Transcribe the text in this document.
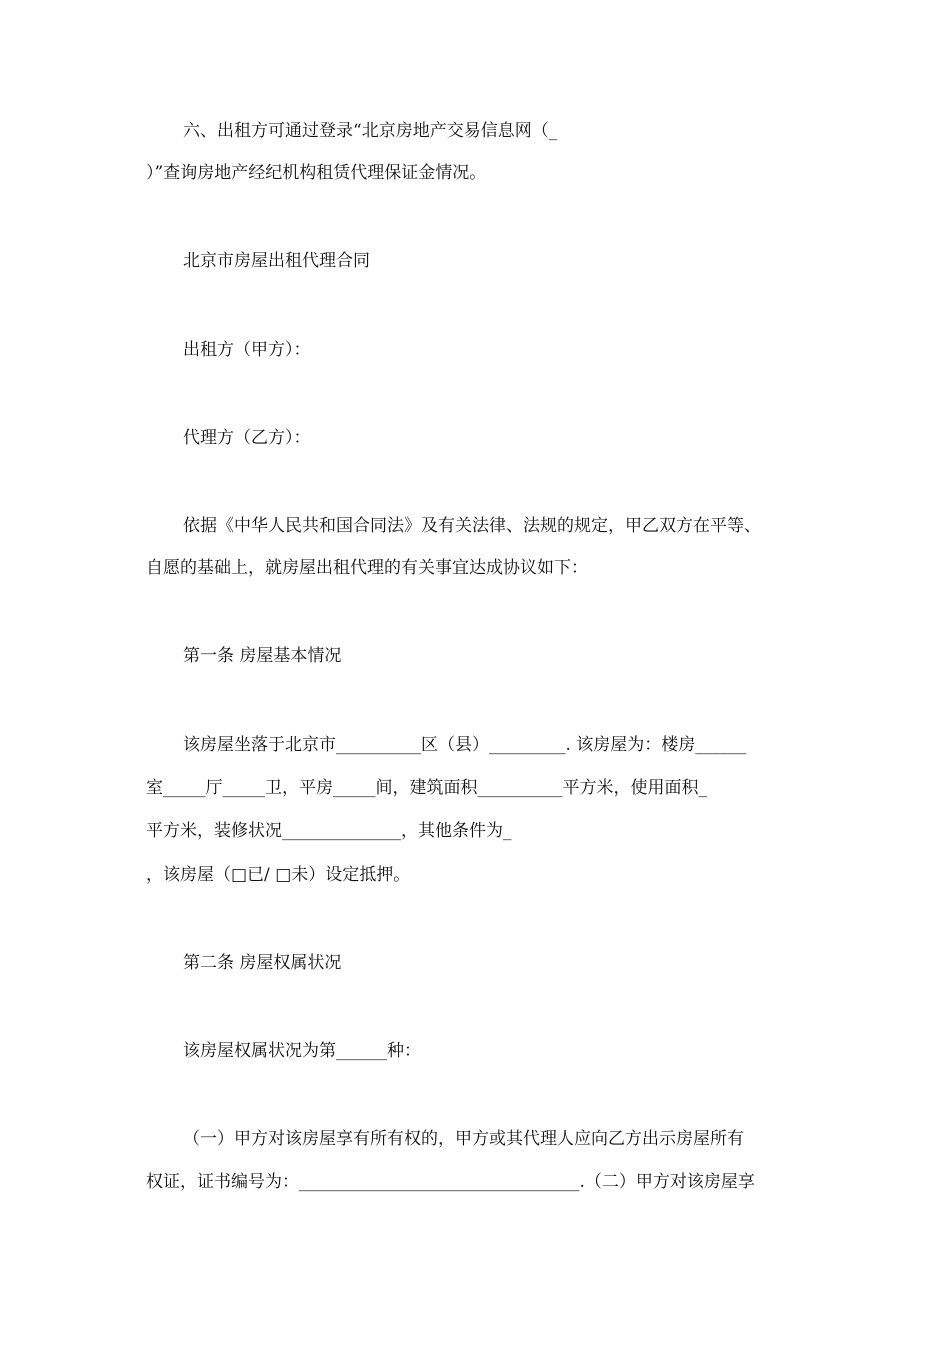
六、出租方可通过登录“北京房地产交易信息网（_
）”查询房地产经纪机构租赁代理保证金情况。
北京市房屋出租代理合同
出租方（甲方）：
代理方（乙方）：
依据《中华人民共和国合同法》及有关法律、法规的规定，甲乙双方在平等、
自愿的基础上，就房屋出租代理的有关事宜达成协议如下：
第一条 房屋基本情况
该房屋坐落于北京市__________区（县）_________. 该房屋为：楼房______
室_____厅_____卫，平房_____间，建筑面积__________平方米，使用面积_
平方米，装修状况______________，其他条件为_
，该房屋（□已/ □未）设定抵押。
第二条 房屋权属状况
该房屋权属状况为第______种：
（一）甲方对该房屋享有所有权的，甲方或其代理人应向乙方出示房屋所有
权证，证书编号为：_________________________________.（二）甲方对该房屋享
